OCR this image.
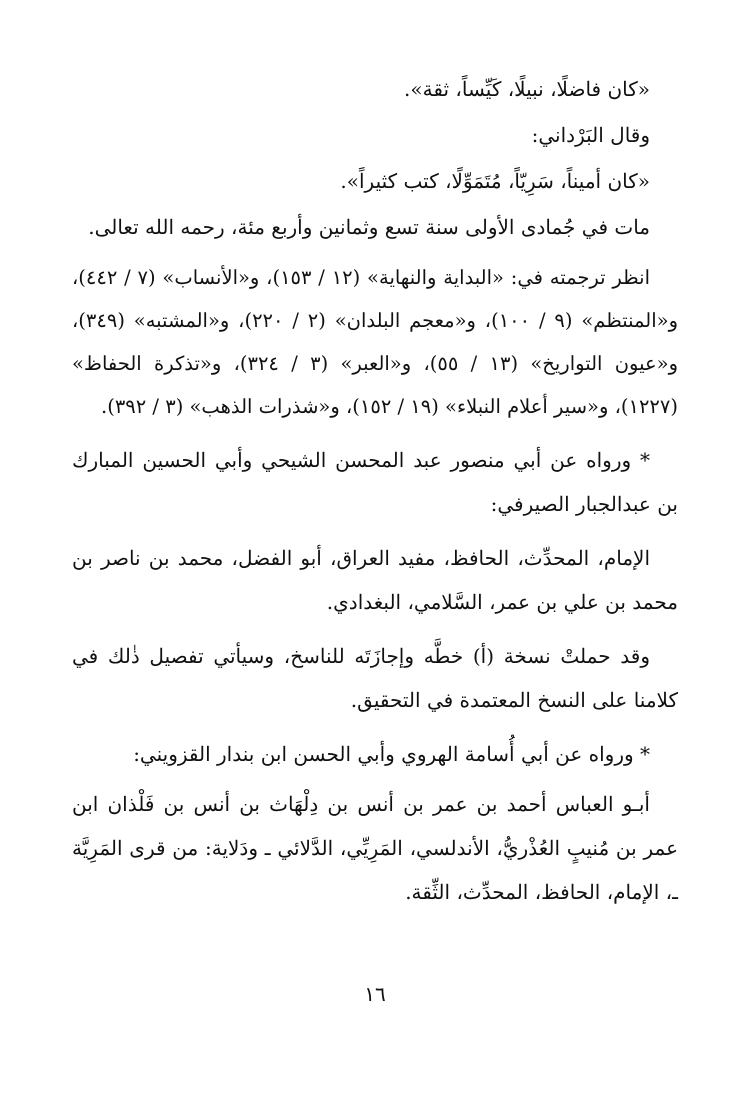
«كان فاضلًا، نبيلًا، كَيِّساً، ثقة».

وقال البَرْداني:

«كان أميناً، سَرِيّاً، مُتَمَوِّلًا، كتب كثيراً».

مات في جُمادى الأولى سنة تسع وثمانين وأربع مئة، رحمه الله تعالى.

انظر ترجمته في: «البداية والنهاية» (١٢ / ١٥٣)، و«الأنساب» (٧ / ٤٤٢)، و«المنتظم» (٩ / ١٠٠)، و«معجم البلدان» (٢ / ٢٢٠)، و«المشتبه» (٣٤٩)، و«عيون التواريخ» (١٣ / ٥٥)، و«العبر» (٣ / ٣٢٤)، و«تذكرة الحفاظ» (١٢٢٧)، و«سير أعلام النبلاء» (١٩ / ١٥٢)، و«شذرات الذهب» (٣ / ٣٩٢).

* ورواه عن أبي منصور عبد المحسن الشيحي وأبي الحسين المبارك بن عبدالجبار الصيرفي:

الإمام، المحدِّث، الحافظ، مفيد العراق، أبو الفضل، محمد بن ناصر بن محمد بن علي بن عمر، السَّلامي، البغدادي.

وقد حملتْ نسخة (أ) خطَّه وإجازَتَه للناسخ، وسيأتي تفصيل ذٰلك في كلامنا على النسخ المعتمدة في التحقيق.

* ورواه عن أبي أُسامة الهروي وأبي الحسن ابن بندار القزويني:

أبـو العباس أحمد بن عمر بن أنس بن دِلْهَاث بن أنس بن فَلْذان ابن عمر بن مُنيبٍ العُذْريُّ، الأندلسي، المَرِيِّي، الدَّلائي ـ ودَلاية: من قرى المَرِيَّة ـ، الإمام، الحافظ، المحدِّث، الثِّقة.

١٦
